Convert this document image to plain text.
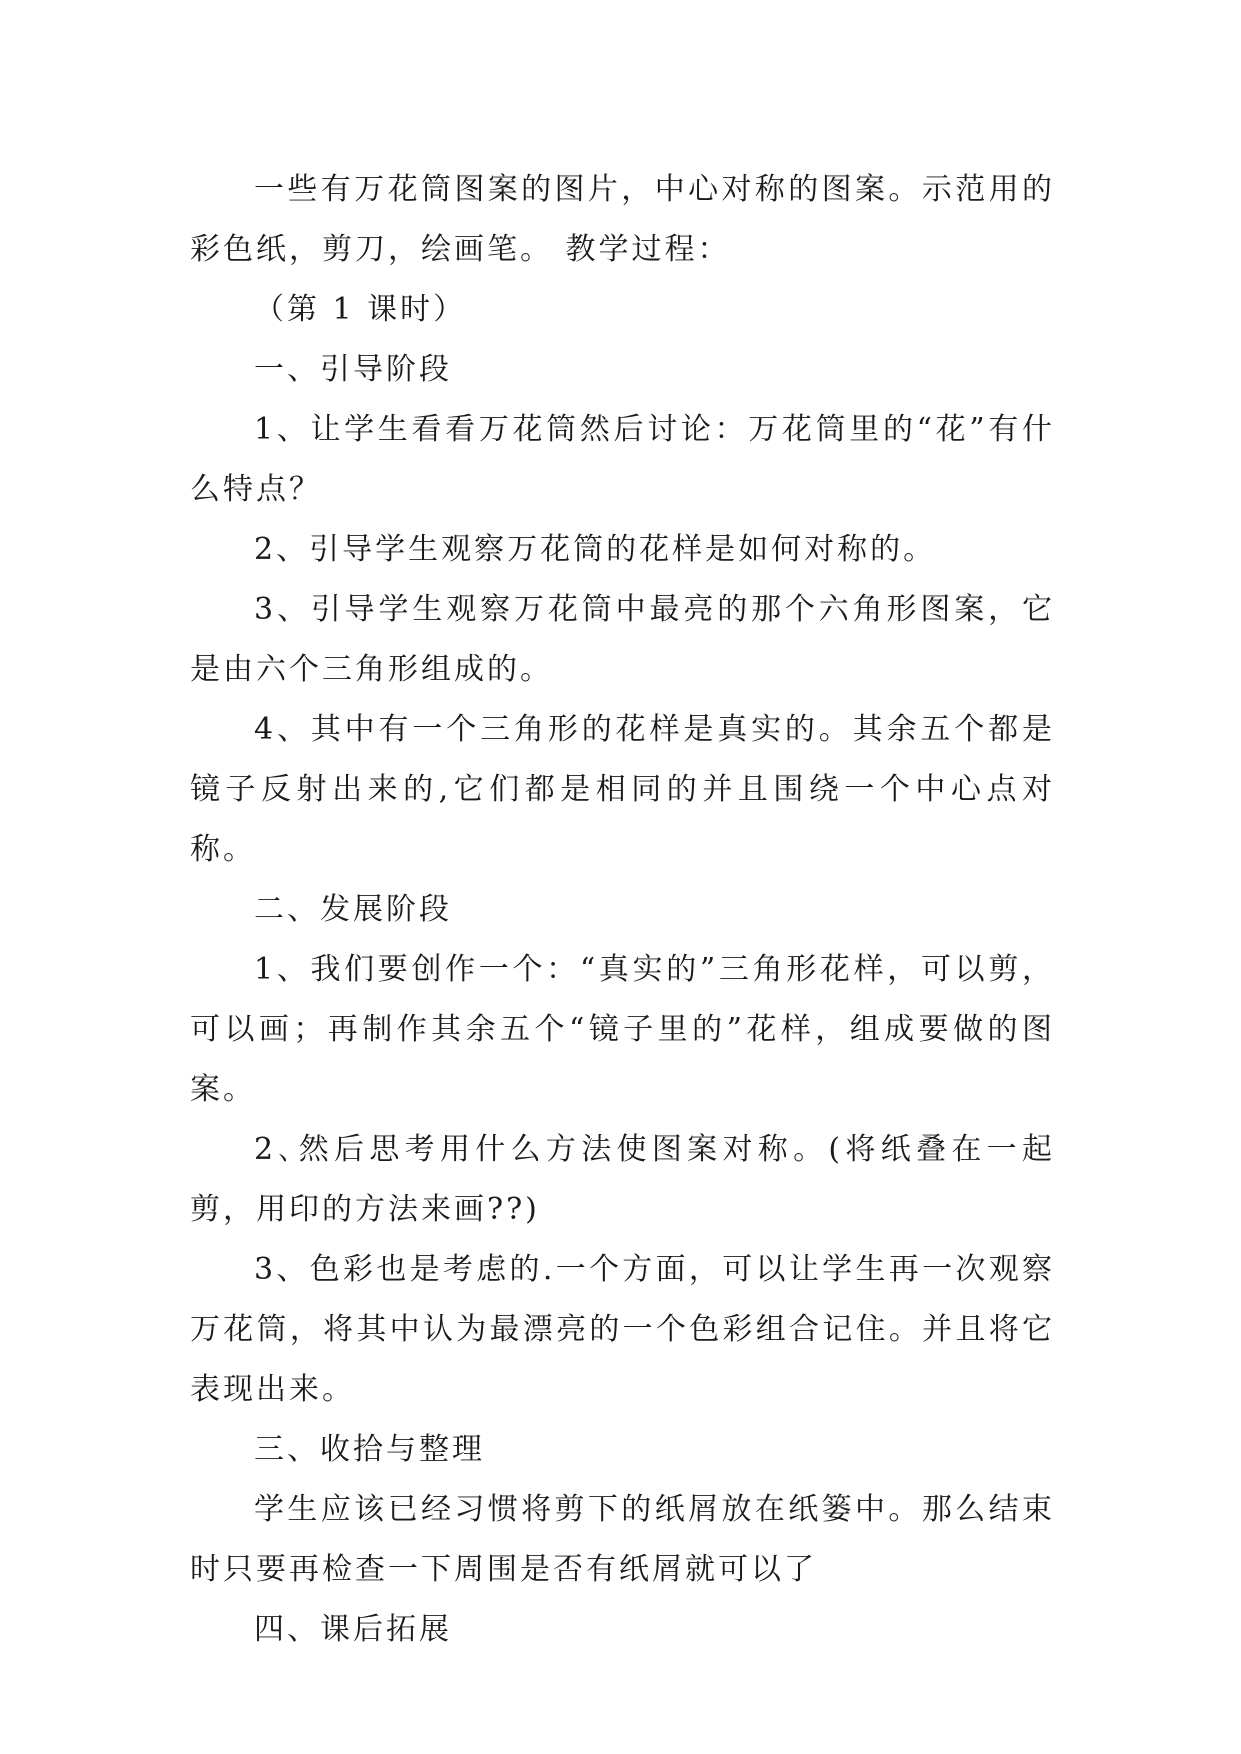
一些有万花筒图案的图片，中心对称的图案。示范用的彩色纸，剪刀，绘画笔。 教学过程：

（第 1 课时）

一、引导阶段

1、让学生看看万花筒然后讨论：万花筒里的“花”有什么特点？

2、引导学生观察万花筒的花样是如何对称的。

3、引导学生观察万花筒中最亮的那个六角形图案，它是由六个三角形组成的。

4、其中有一个三角形的花样是真实的。其余五个都是镜子反射出来的,它们都是相同的并且围绕一个中心点对称。

二、发展阶段

1、我们要创作一个：“真实的”三角形花样，可以剪，可以画；再制作其余五个“镜子里的”花样，组成要做的图案。

2､然后思考用什么方法使图案对称。(将纸叠在一起剪，用印的方法来画??)

3、色彩也是考虑的.一个方面，可以让学生再一次观察万花筒，将其中认为最漂亮的一个色彩组合记住。并且将它表现出来。

三、收拾与整理

学生应该已经习惯将剪下的纸屑放在纸篓中。那么结束时只要再检查一下周围是否有纸屑就可以了

四、课后拓展
